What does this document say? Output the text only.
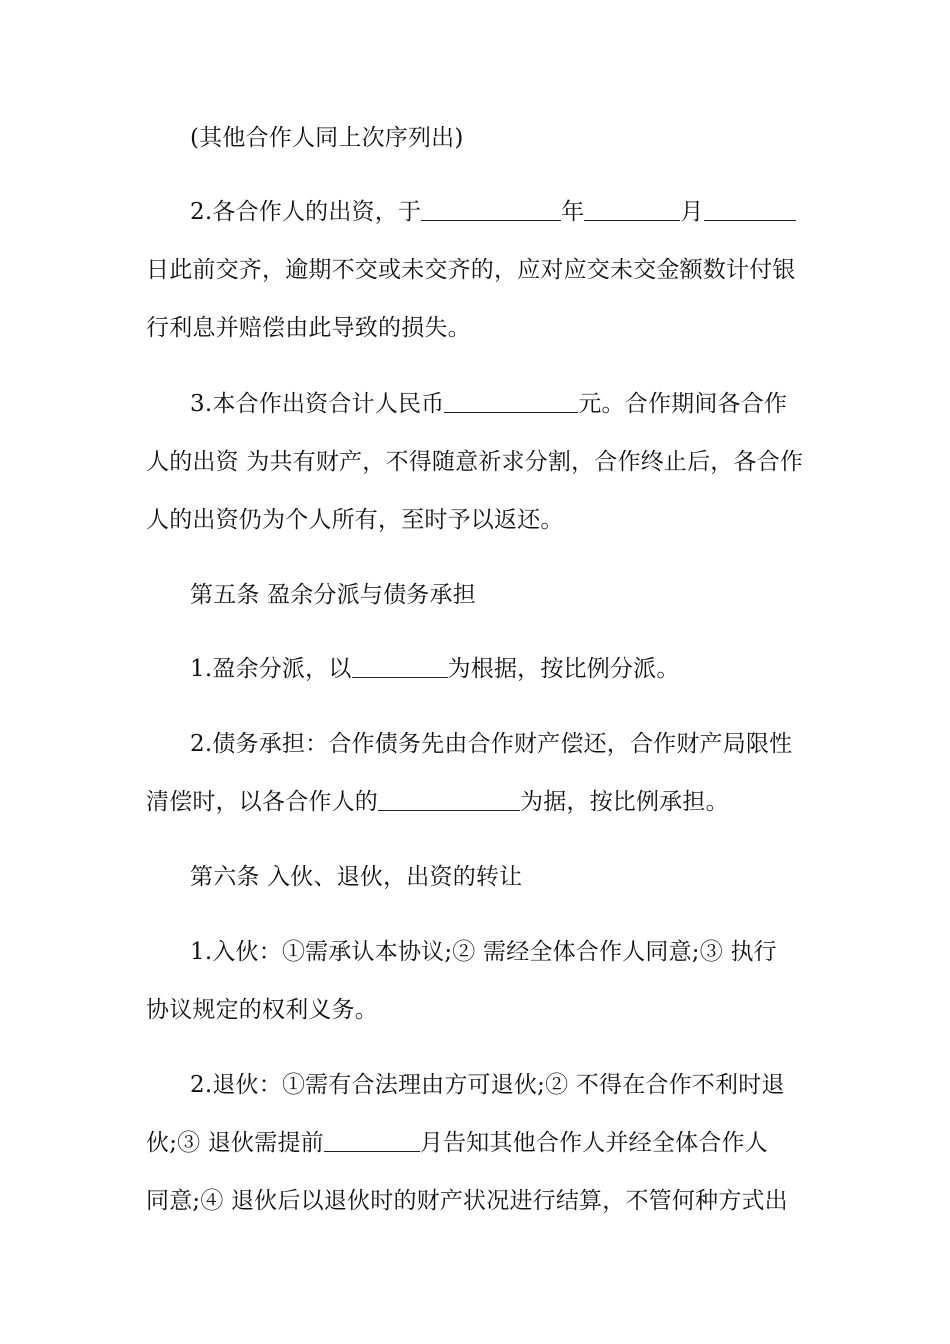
(其他合作人同上次序列出)
2.各合作人的出资，于	年	月
日此前交齐，逾期不交或未交齐的，应对应交未交金额数计付银
行利息并赔偿由此导致的损失。
3.本合作出资合计人民币	元。合作期间各合作
人的出资 为共有财产，不得随意祈求分割，合作终止后，各合作
人的出资仍为个人所有，至时予以返还。
第五条 盈余分派与债务承担
1.盈余分派，以	为根据，按比例分派。
2.债务承担：合作债务先由合作财产偿还，合作财产局限性
清偿时，以各合作人的	为据，按比例承担。
第六条 入伙、退伙，出资的转让
1.入伙：①需承认本协议;② 需经全体合作人同意;③ 执行
协议规定的权利义务。
2.退伙：①需有合法理由方可退伙;② 不得在合作不利时退
伙;③ 退伙需提前	月告知其他合作人并经全体合作人
同意;④ 退伙后以退伙时的财产状况进行结算，不管何种方式出
